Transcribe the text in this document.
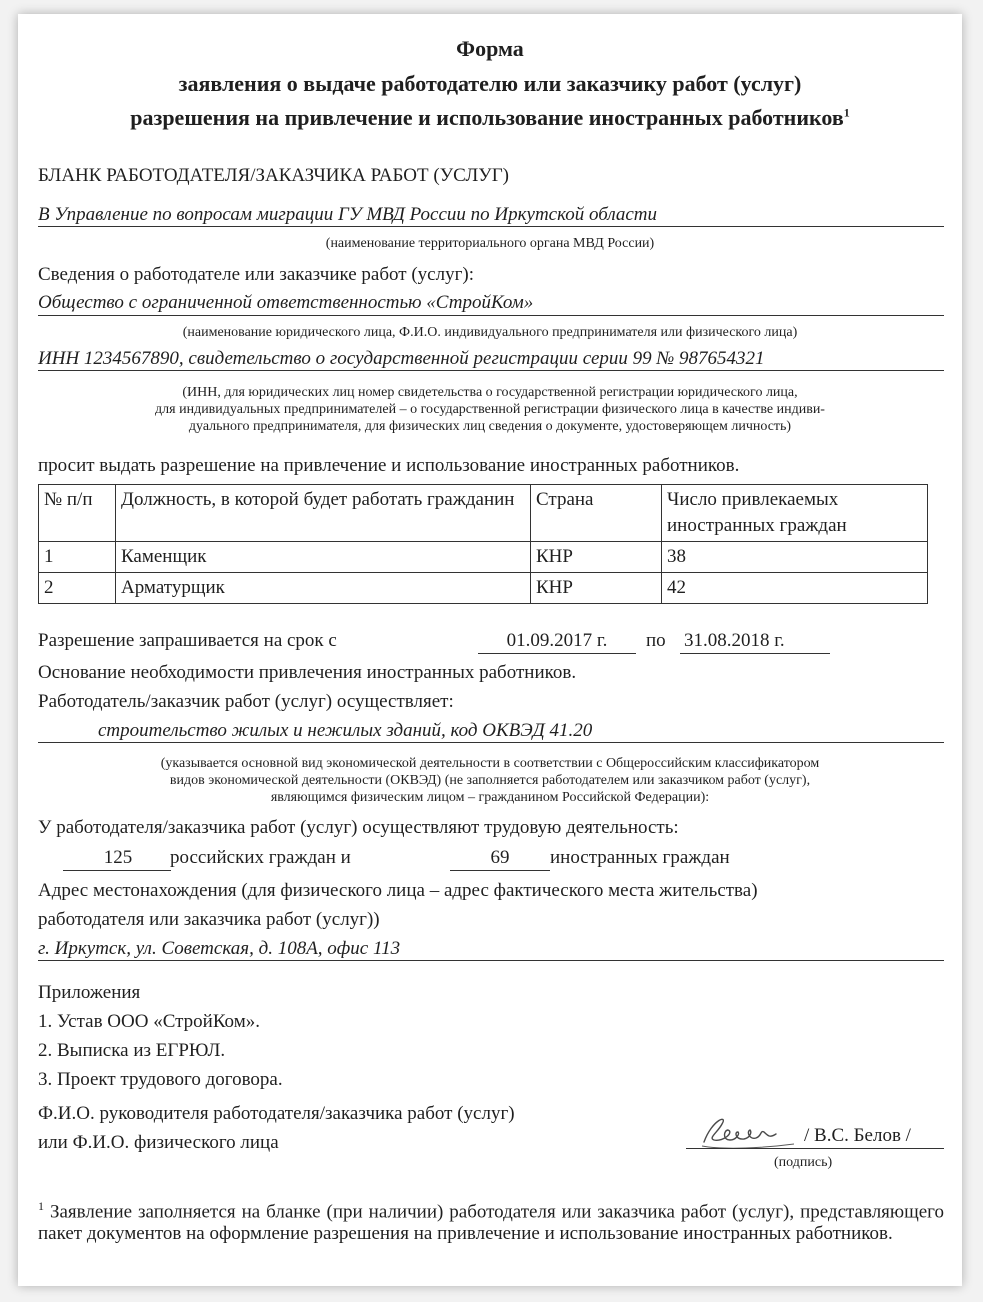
Форма
заявления о выдаче работодателю или заказчику работ (услуг)
разрешения на привлечение и использование иностранных работников$^1$
БЛАНК РАБОТОДАТЕЛЯ/ЗАКАЗЧИКА РАБОТ (УСЛУГ)
В Управление по вопросам миграции ГУ МВД России по Иркутской области
(наименование территориального органа МВД России)
Сведения о работодателе или заказчике работ (услуг):
Общество с ограниченной ответственностью «СтройКом»
(наименование юридического лица, Ф.И.О. индивидуального предпринимателя или физического лица)
ИНН 1234567890, свидетельство о государственной регистрации серии 99 № 987654321
(ИНН, для юридических лиц номер свидетельства о государственной регистрации юридического лица,
для индивидуальных предпринимателей – о государственной регистрации физического лица в качестве индиви-
дуального предпринимателя, для физических лиц сведения о документе, удостоверяющем личность)
просит выдать разрешение на привлечение и использование иностранных работников.
№ п/п	Должность, в которой будет работать гражданин	Страна	Число привлекаемых иностранных граждан
1	Каменщик	КНР	38
2	Арматурщик	КНР	42
Разрешение запрашивается на срок с	01.09.2017 г.	по 31.08.2018 г.
Основание необходимости привлечения иностранных работников.
Работодатель/заказчик работ (услуг) осуществляет:
строительство жилых и нежилых зданий, код ОКВЭД 41.20
(указывается основной вид экономической деятельности в соответствии с Общероссийским классификатором
видов экономической деятельности (ОКВЭД) (не заполняется работодателем или заказчиком работ (услуг),
являющимся физическим лицом – гражданином Российской Федерации):
У работодателя/заказчика работ (услуг) осуществляют трудовую деятельность:
125	российских граждан и	69	иностранных граждан
Адрес местонахождения (для физического лица – адрес фактического места жительства)
работодателя или заказчика работ (услуг))
г. Иркутск, ул. Советская, д. 108А, офис 113
Приложения
1. Устав ООО «СтройКом».
2. Выписка из ЕГРЮЛ.
3. Проект трудового договора.
Ф.И.О. руководителя работодателя/заказчика работ (услуг)
или Ф.И.О. физического лица	/ В.С. Белов /
(подпись)
$^1$ Заявление заполняется на бланке (при наличии) работодателя или заказчика работ (услуг), представляющего пакет документов на оформление разрешения на привлечение и использование иностранных работников.
